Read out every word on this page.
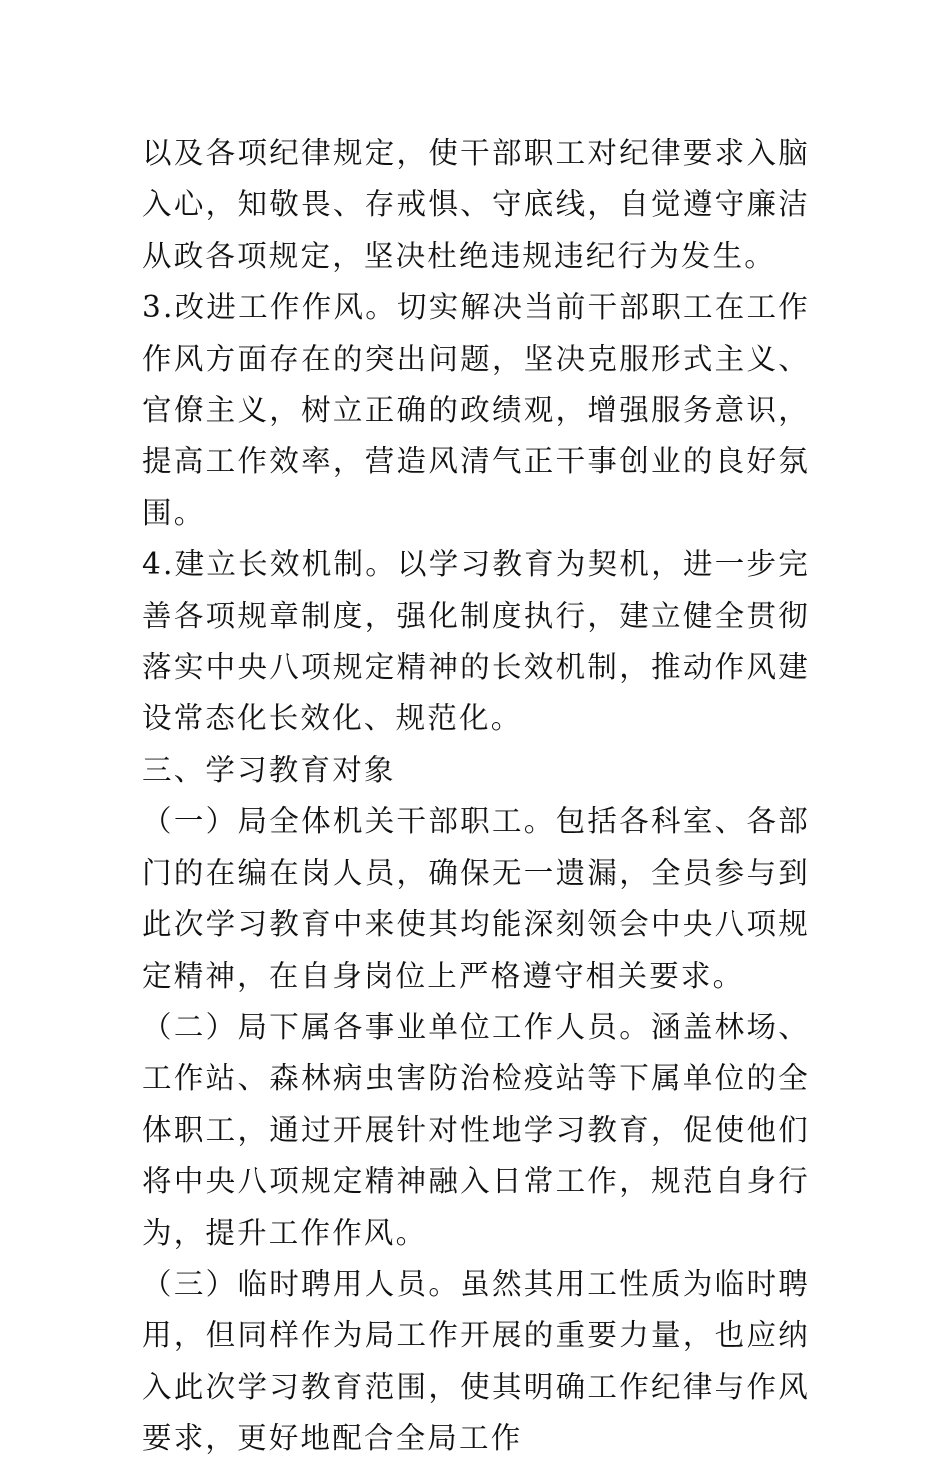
以及各项纪律规定，使干部职工对纪律要求入脑入心，知敬畏、存戒惧、守底线，自觉遵守廉洁从政各项规定，坚决杜绝违规违纪行为发生。

3.改进工作作风。切实解决当前干部职工在工作作风方面存在的突出问题，坚决克服形式主义、官僚主义，树立正确的政绩观，增强服务意识，提高工作效率，营造风清气正干事创业的良好氛围。

4.建立长效机制。以学习教育为契机，进一步完善各项规章制度，强化制度执行，建立健全贯彻落实中央八项规定精神的长效机制，推动作风建设常态化长效化、规范化。

三、学习教育对象

（一）局全体机关干部职工。包括各科室、各部门的在编在岗人员，确保无一遗漏，全员参与到此次学习教育中来使其均能深刻领会中央八项规定精神，在自身岗位上严格遵守相关要求。

（二）局下属各事业单位工作人员。涵盖林场、工作站、森林病虫害防治检疫站等下属单位的全体职工，通过开展针对性地学习教育，促使他们将中央八项规定精神融入日常工作，规范自身行为，提升工作作风。

（三）临时聘用人员。虽然其用工性质为临时聘用，但同样作为局工作开展的重要力量，也应纳入此次学习教育范围，使其明确工作纪律与作风要求，更好地配合全局工作
